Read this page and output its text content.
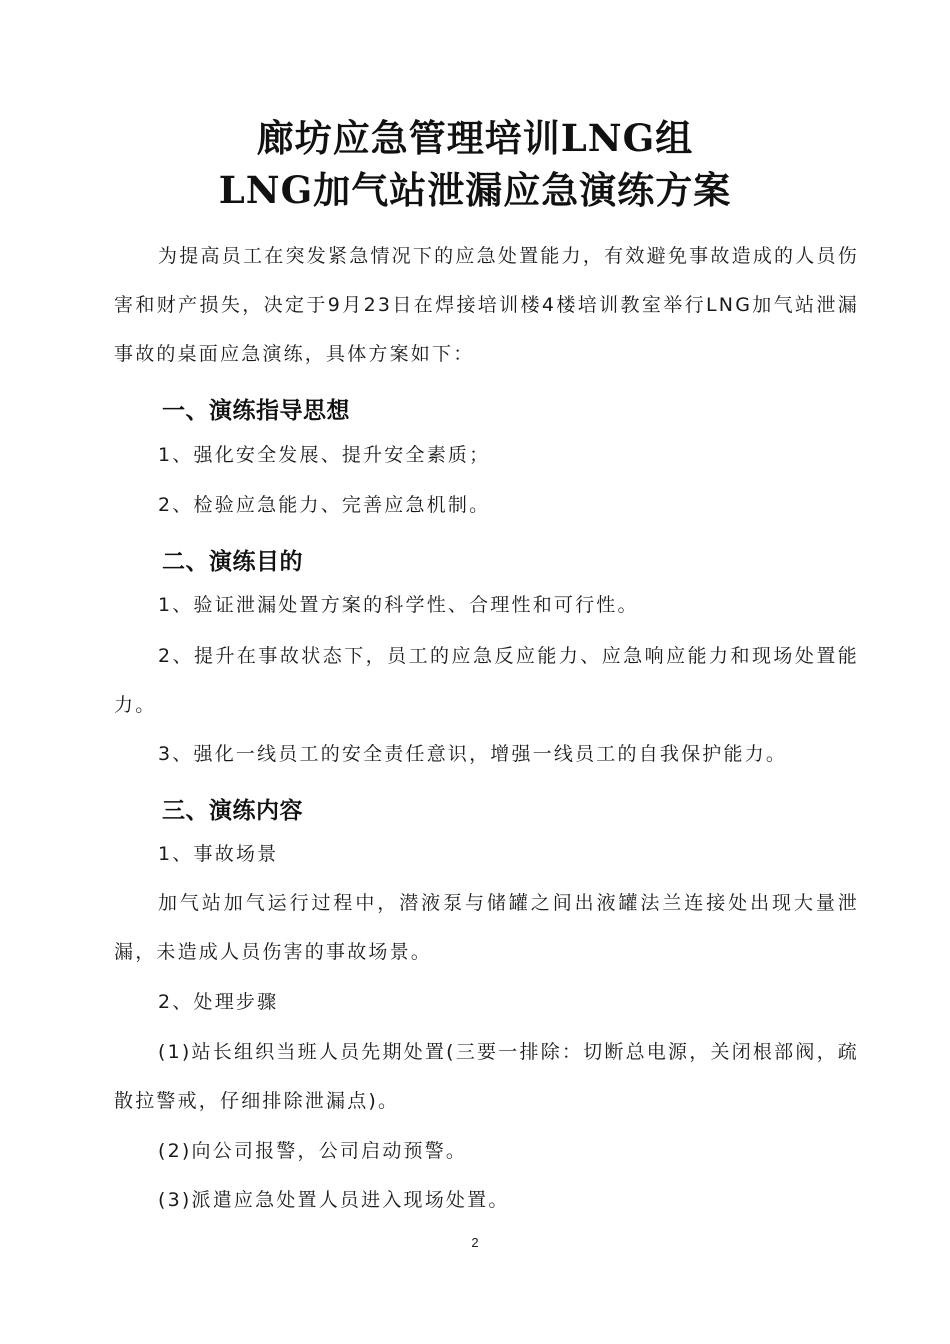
廊坊应急管理培训LNG组
LNG加气站泄漏应急演练方案

为提高员工在突发紧急情况下的应急处置能力，有效避免事故造成的人员伤害和财产损失，决定于9月23日在焊接培训楼4楼培训教室举行LNG加气站泄漏事故的桌面应急演练，具体方案如下：

一、演练指导思想

1、强化安全发展、提升安全素质；

2、检验应急能力、完善应急机制。

二、演练目的

1、验证泄漏处置方案的科学性、合理性和可行性。

2、提升在事故状态下，员工的应急反应能力、应急响应能力和现场处置能力。

3、强化一线员工的安全责任意识，增强一线员工的自我保护能力。

三、演练内容

1、事故场景

加气站加气运行过程中，潜液泵与储罐之间出液罐法兰连接处出现大量泄漏，未造成人员伤害的事故场景。

2、处理步骤

(1)站长组织当班人员先期处置(三要一排除：切断总电源，关闭根部阀，疏散拉警戒，仔细排除泄漏点)。

(2)向公司报警，公司启动预警。

(3)派遣应急处置人员进入现场处置。

2
